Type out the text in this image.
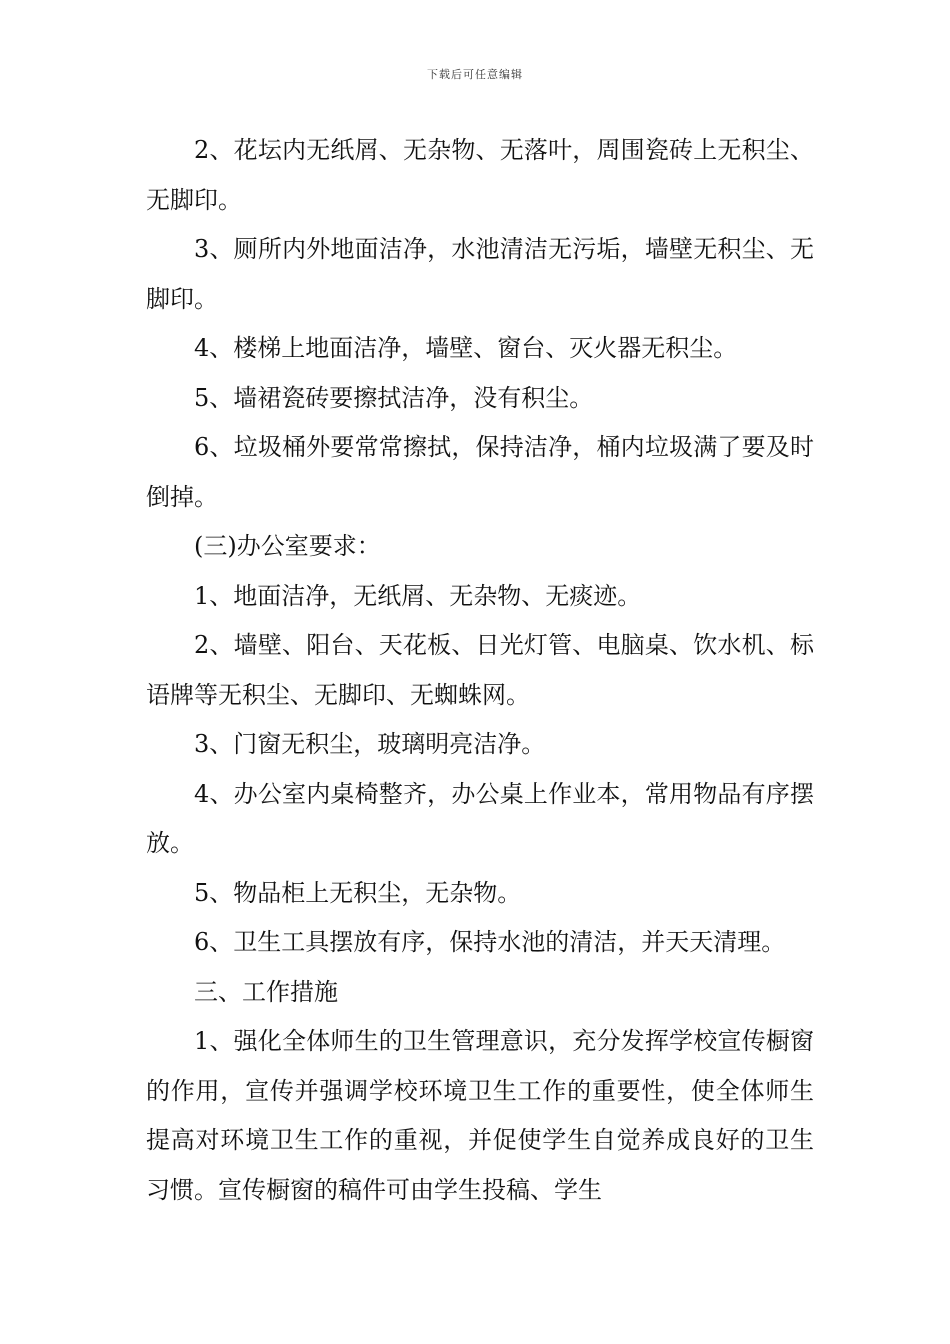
下载后可任意编辑

2、花坛内无纸屑、无杂物、无落叶，周围瓷砖上无积尘、无脚印。

3、厕所内外地面洁净，水池清洁无污垢，墙壁无积尘、无脚印。

4、楼梯上地面洁净，墙壁、窗台、灭火器无积尘。

5、墙裙瓷砖要擦拭洁净，没有积尘。

6、垃圾桶外要常常擦拭，保持洁净，桶内垃圾满了要及时倒掉。

(三)办公室要求：

1、地面洁净，无纸屑、无杂物、无痰迹。

2、墙壁、阳台、天花板、日光灯管、电脑桌、饮水机、标语牌等无积尘、无脚印、无蜘蛛网。

3、门窗无积尘，玻璃明亮洁净。

4、办公室内桌椅整齐，办公桌上作业本，常用物品有序摆放。

5、物品柜上无积尘，无杂物。

6、卫生工具摆放有序，保持水池的清洁，并天天清理。

三、工作措施

1、强化全体师生的卫生管理意识，充分发挥学校宣传橱窗的作用，宣传并强调学校环境卫生工作的重要性，使全体师生提高对环境卫生工作的重视，并促使学生自觉养成良好的卫生习惯。宣传橱窗的稿件可由学生投稿、学生
